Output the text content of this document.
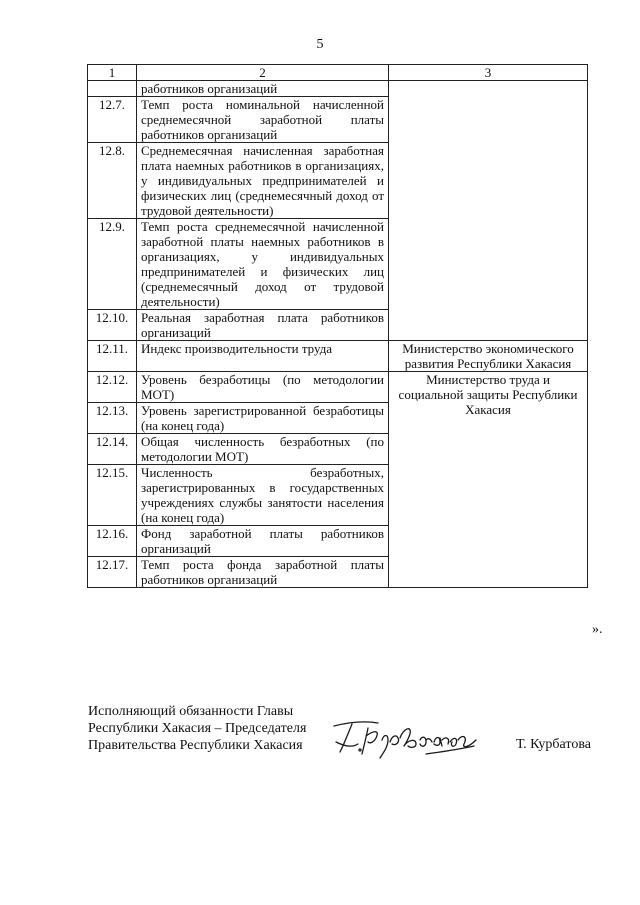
5
1	2	3
	работников организаций	
12.7.	Темп роста номинальной начисленной среднемесячной заработной платы работников организаций	
12.8.	Среднемесячная начисленная заработная плата наемных работников в организациях, у индивидуальных предпринимателей и физических лиц (среднемесячный доход от трудовой деятельности)	
12.9.	Темп роста среднемесячной начисленной заработной платы наемных работников в организациях, у индивидуальных предпринимателей и физических лиц (среднемесячный доход от трудовой деятельности)	
12.10.	Реальная заработная плата работников организаций	
12.11.	Индекс производительности труда	Министерство экономического развития Республики Хакасия
12.12.	Уровень безработицы (по методологии МОТ)	Министерство труда и социальной защиты Республики Хакасия
12.13.	Уровень зарегистрированной безработицы (на конец года)	
12.14.	Общая численность безработных (по методологии МОТ)	
12.15.	Численность безработных, зарегистрированных в государственных учреждениях службы занятости населения (на конец года)	
12.16.	Фонд заработной платы работников организаций	
12.17.	Темп роста фонда заработной платы работников организаций	
».
Исполняющий обязанности Главы
Республики Хакасия – Председателя
Правительства Республики Хакасия	Т. Курбатова
